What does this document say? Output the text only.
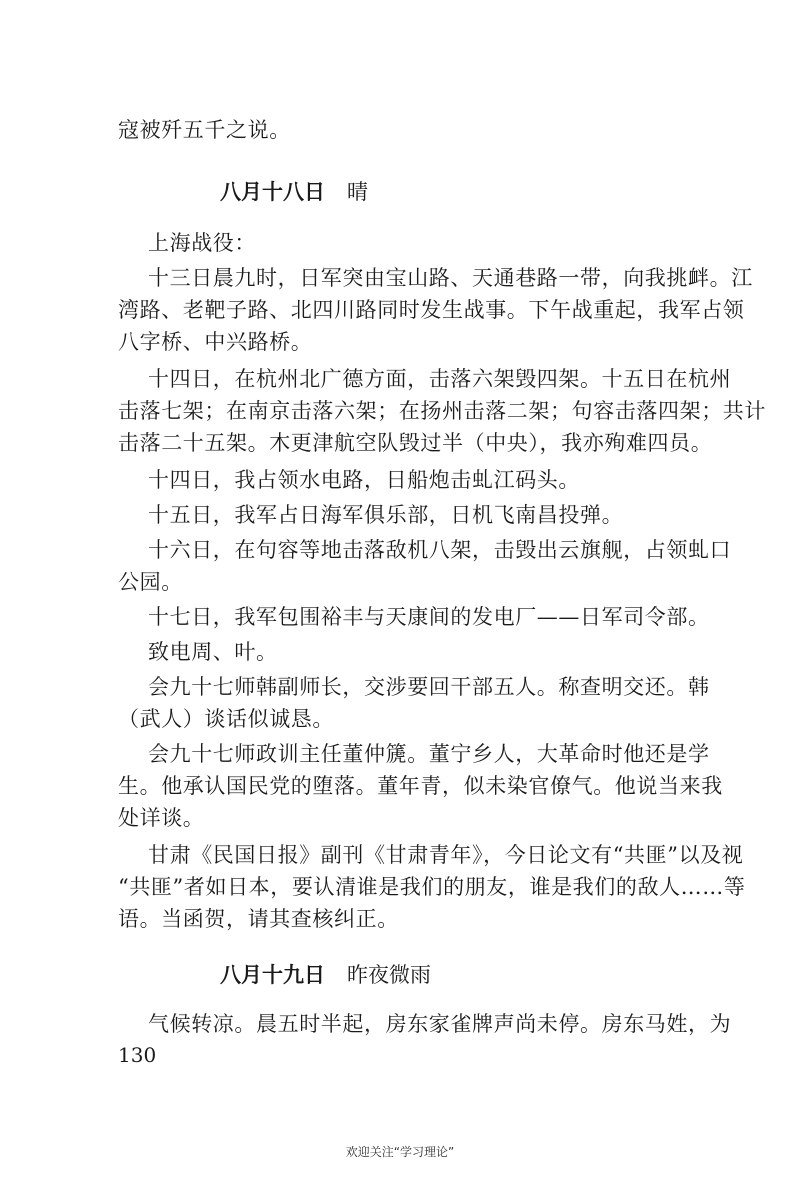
寇被歼五千之说。
八月十八日 晴
上海战役：
十三日晨九时，日军突由宝山路、天通巷路一带，向我挑衅。江
湾路、老靶子路、北四川路同时发生战事。下午战重起，我军占领
八字桥、中兴路桥。
十四日，在杭州北广德方面，击落六架毁四架。十五日在杭州
击落七架；在南京击落六架；在扬州击落二架；句容击落四架；共计
击落二十五架。木更津航空队毁过半（中央），我亦殉难四员。
十四日，我占领水电路，日船炮击虬江码头。
十五日，我军占日海军俱乐部，日机飞南昌投弹。
十六日，在句容等地击落敌机八架，击毁出云旗舰，占领虬口
公园。
十七日，我军包围裕丰与天康间的发电厂——日军司令部。
致电周、叶。
会九十七师韩副师长，交涉要回干部五人。称查明交还。韩
（武人）谈话似诚恳。
会九十七师政训主任董仲篪。董宁乡人，大革命时他还是学
生。他承认国民党的堕落。董年青，似未染官僚气。他说当来我
处详谈。
甘肃《民国日报》副刊《甘肃青年》，今日论文有“共匪”以及视
“共匪”者如日本，要认清谁是我们的朋友，谁是我们的敌人……等
语。当函贺，请其查核纠正。
八月十九日 昨夜微雨
气候转凉。晨五时半起，房东家雀牌声尚未停。房东马姓，为
130
欢迎关注“学习理论”
